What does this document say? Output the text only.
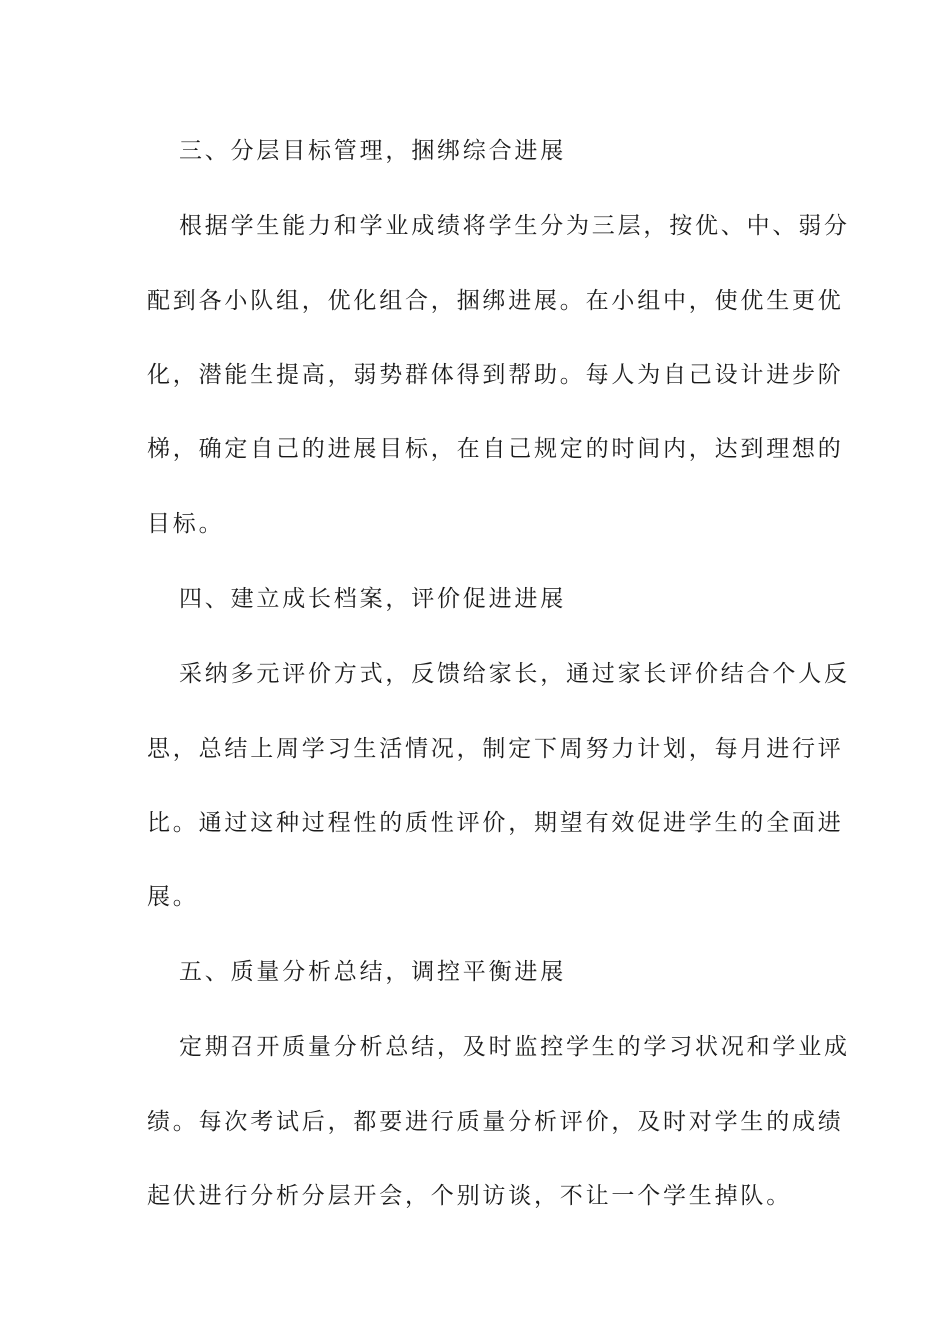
三、分层目标管理，捆绑综合进展
根据学生能力和学业成绩将学生分为三层，按优、中、弱分
配到各小队组，优化组合，捆绑进展。在小组中，使优生更优
化，潜能生提高，弱势群体得到帮助。每人为自己设计进步阶
梯，确定自己的进展目标，在自己规定的时间内，达到理想的
目标。
四、建立成长档案，评价促进进展
采纳多元评价方式，反馈给家长，通过家长评价结合个人反
思，总结上周学习生活情况，制定下周努力计划，每月进行评
比。通过这种过程性的质性评价，期望有效促进学生的全面进
展。
五、质量分析总结，调控平衡进展
定期召开质量分析总结，及时监控学生的学习状况和学业成
绩。每次考试后，都要进行质量分析评价，及时对学生的成绩
起伏进行分析分层开会，个别访谈，不让一个学生掉队。
